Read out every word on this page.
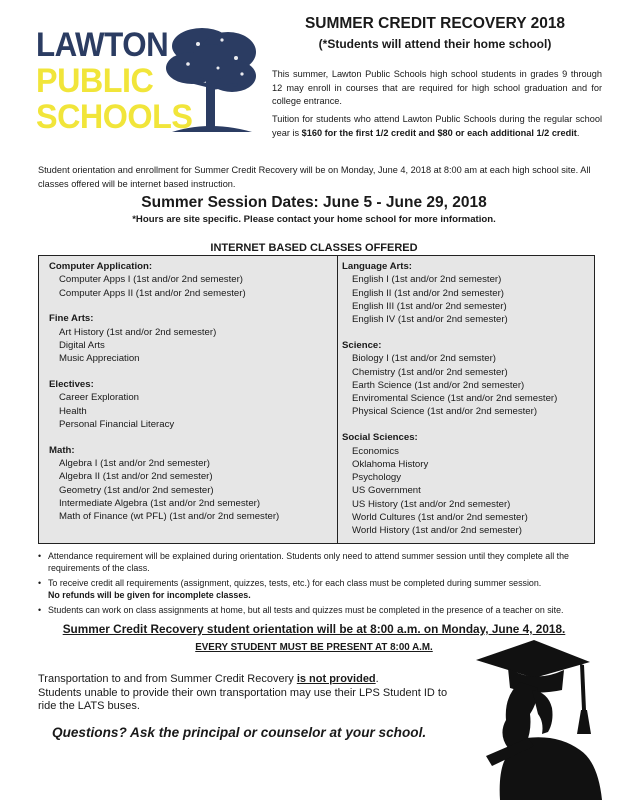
LAWTON
PUBLIC
SCHOOLS
SUMMER CREDIT RECOVERY 2018
(*Students will attend their home school)
This summer, Lawton Public Schools high school students in grades 9 through 12 may enroll in courses that are required for high school graduation and for college entrance.
Tuition for students who attend Lawton Public Schools during the regular school year is $160 for the first 1/2 credit and $80 or each additional 1/2 credit.
Student orientation and enrollment for Summer Credit Recovery will be on Monday, June 4, 2018 at 8:00 am at each high school site. All classes offered will be internet based instruction.
Summer Session Dates: June 5 - June 29, 2018
*Hours are site specific. Please contact your home school for more information.
INTERNET BASED CLASSES OFFERED
Computer Application:
Computer Apps I (1st and/or 2nd semester)
Computer Apps II (1st and/or 2nd semester)
Fine Arts:
Art History (1st and/or 2nd semester)
Digital Arts
Music Appreciation
Electives:
Career Exploration
Health
Personal Financial Literacy
Math:
Algebra I (1st and/or 2nd semester)
Algebra II (1st and/or 2nd semester)
Geometry (1st and/or 2nd semester)
Intermediate Algebra (1st and/or 2nd semester)
Math of Finance (wt PFL) (1st and/or 2nd semester)
Language Arts:
English I (1st and/or 2nd semester)
English II (1st and/or 2nd semester)
English III (1st and/or 2nd semester)
English IV (1st and/or 2nd semester)
Science:
Biology I (1st and/or 2nd semster)
Chemistry (1st and/or 2nd semester)
Earth Science (1st and/or 2nd semester)
Enviromental Science (1st and/or 2nd semester)
Physical Science (1st and/or 2nd semester)
Social Sciences:
Economics
Oklahoma History
Psychology
US Government
US History (1st and/or 2nd semester)
World Cultures (1st and/or 2nd semester)
World History (1st and/or 2nd semester)
• Attendance requirement will be explained during orientation. Students only need to attend summer session until they complete all the requirements of the class.
• To receive credit all requirements (assignment, quizzes, tests, etc.) for each class must be completed during summer session.
No refunds will be given for incomplete classes.
• Students can work on class assignments at home, but all tests and quizzes must be completed in the presence of a teacher on site.
Summer Credit Recovery student orientation will be at 8:00 a.m. on Monday, June 4, 2018.
EVERY STUDENT MUST BE PRESENT AT 8:00 A.M.
Transportation to and from Summer Credit Recovery is not provided.
Students unable to provide their own transportation may use their LPS Student ID to ride the LATS buses.
Questions? Ask the principal or counselor at your school.
